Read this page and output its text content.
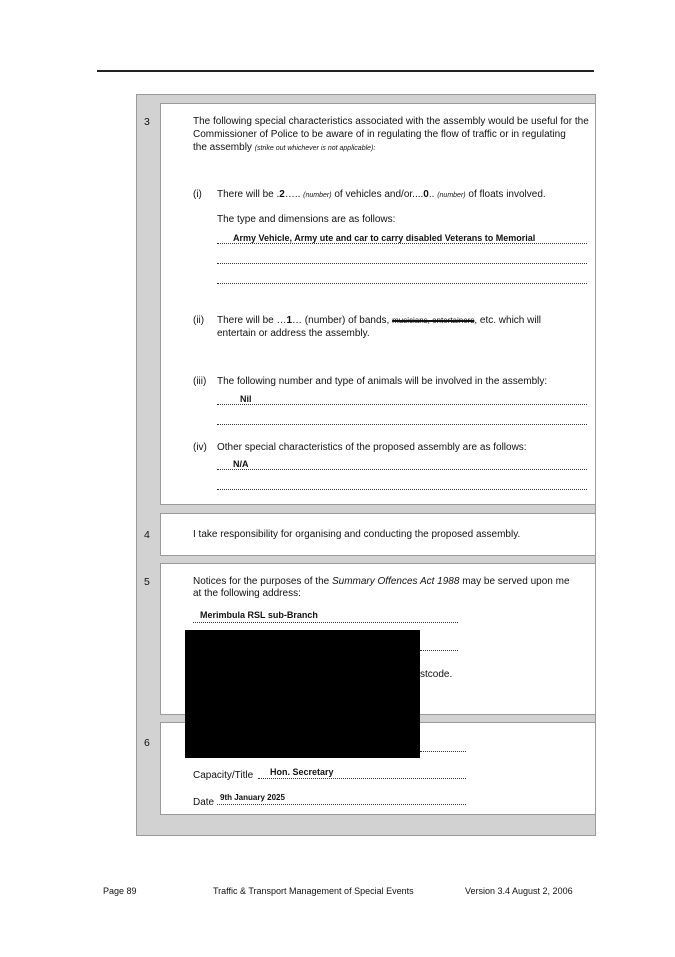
3	The following special characteristics associated with the assembly would be useful for the
Commissioner of Police to be aware of in regulating the flow of traffic or in regulating
the assembly (strike out whichever is not applicable):
(i) There will be .2….. (number) of vehicles and/or....0.. (number) of floats involved.
The type and dimensions are as follows:
Army Vehicle, Army ute and car to carry disabled Veterans to Memorial
(ii) There will be …1… (number) of bands, musicians, entertainers, etc. which will
entertain or address the assembly.
(iii) The following number and type of animals will be involved in the assembly:
Nil
(iv) Other special characteristics of the proposed assembly are as follows:
N/A
4	I take responsibility for organising and conducting the proposed assembly.
5	Notices for the purposes of the Summary Offences Act 1988 may be served upon me
at the following address:
Merimbula RSL sub-Branch
stcode.
6
Capacity/Title Hon. Secretary
Date 9th January 2025
Page 89	Traffic & Transport Management of Special Events	Version 3.4 August 2, 2006
